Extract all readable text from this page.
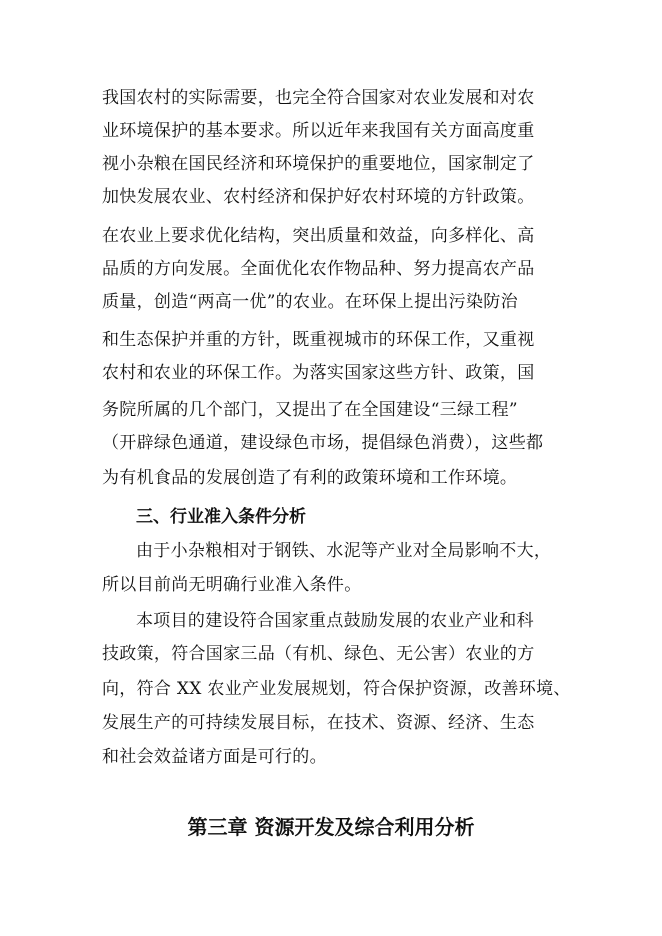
我国农村的实际需要，也完全符合国家对农业发展和对农
业环境保护的基本要求。所以近年来我国有关方面高度重
视小杂粮在国民经济和环境保护的重要地位，国家制定了
加快发展农业、农村经济和保护好农村环境的方针政策。
在农业上要求优化结构，突出质量和效益，向多样化、高
品质的方向发展。全面优化农作物品种、努力提高农产品
质量，创造“两高一优”的农业。在环保上提出污染防治
和生态保护并重的方针，既重视城市的环保工作，又重视
农村和农业的环保工作。为落实国家这些方针、政策，国
务院所属的几个部门，又提出了在全国建设“三绿工程”
（开辟绿色通道，建设绿色市场，提倡绿色消费），这些都
为有机食品的发展创造了有利的政策环境和工作环境。
三、行业准入条件分析
由于小杂粮相对于钢铁、水泥等产业对全局影响不大，
所以目前尚无明确行业准入条件。
本项目的建设符合国家重点鼓励发展的农业产业和科
技政策，符合国家三品（有机、绿色、无公害）农业的方
向，符合 XX 农业产业发展规划，符合保护资源，改善环境、
发展生产的可持续发展目标，在技术、资源、经济、生态
和社会效益诸方面是可行的。
第三章 资源开发及综合利用分析
